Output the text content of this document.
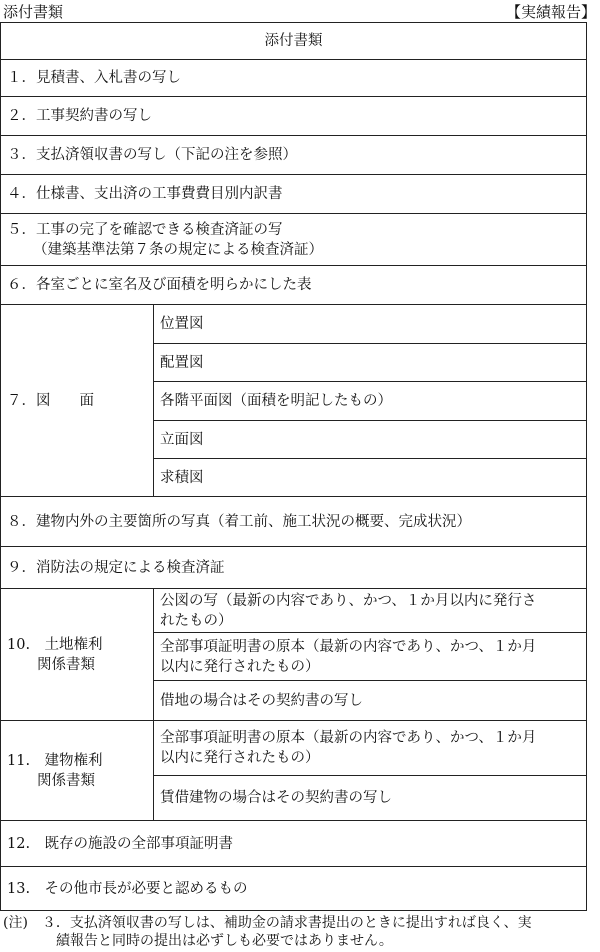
添付書類	【実績報告】
添付書類	
１．見積書、入札書の写し	
２．工事契約書の写し	
３．支払済領収書の写し（下記の注を参照）	
４．仕様書、支出済の工事費費目別内訳書	

５．工事の完了を確認できる検査済証の写
（建築基準法第７条の規定による検査済証）	

６．各室ごとに室名及び面積を明らかにした表	
７．図　　面	位置図
	配置図
	各階平面図（面積を明記したもの）
	立面図
	求積図
８．建物内外の主要箇所の写真（着工前、施工状況の概要、完成状況）	
９．消防法の規定による検査済証	

10.　土地権利
関係書類	公図の写（最新の内容であり、かつ、１か月以内に発行さ
れたもの）

	全部事項証明書の原本（最新の内容であり、かつ、１か月
以内に発行されたもの）

	借地の場合はその契約書の写し

11.　建物権利
関係書類	全部事項証明書の原本（最新の内容であり、かつ、１か月
以内に発行されたもの）

	賃借建物の場合はその契約書の写し
12.　既存の施設の全部事項証明書	
13.　その他市長が必要と認めるもの	
(注)　３．支払済領収書の写しは、補助金の請求書提出のときに提出すれば良く、実
績報告と同時の提出は必ずしも必要ではありません。
